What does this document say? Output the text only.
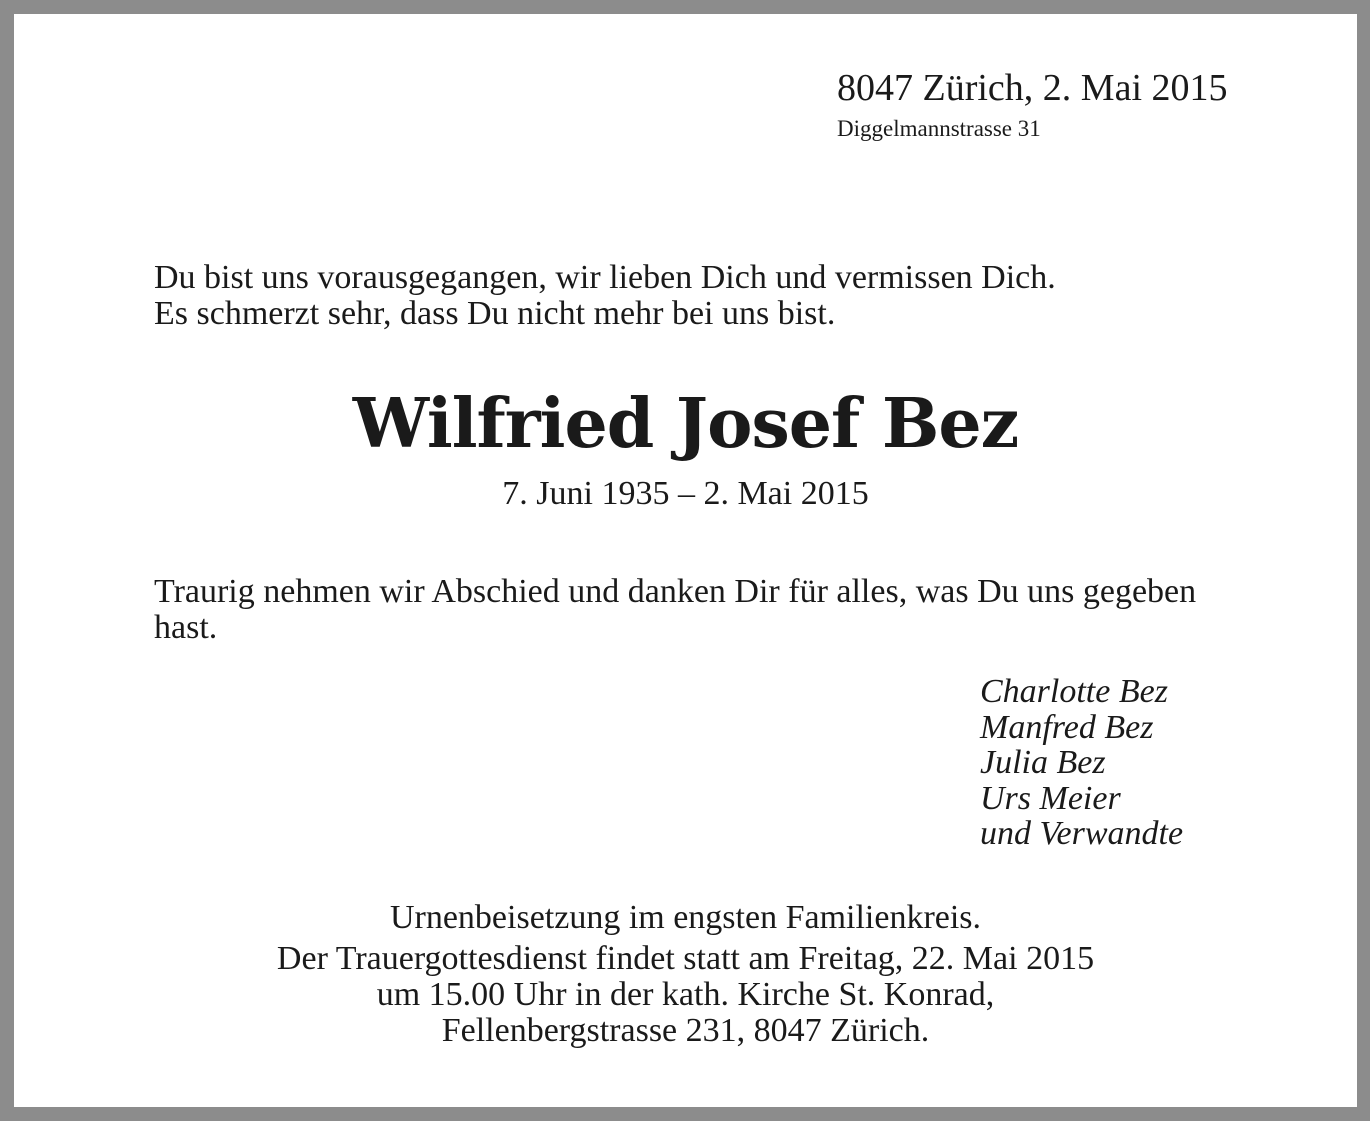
8047 Zürich, 2. Mai 2015
Diggelmannstrasse 31
Du bist uns vorausgegangen, wir lieben Dich und vermissen Dich.
Es schmerzt sehr, dass Du nicht mehr bei uns bist.
Wilfried Josef Bez
7. Juni 1935 – 2. Mai 2015
Traurig nehmen wir Abschied und danken Dir für alles, was Du uns gegeben hast.
Charlotte Bez
Manfred Bez
Julia Bez
Urs Meier
und Verwandte
Urnenbeisetzung im engsten Familienkreis.
Der Trauergottesdienst findet statt am Freitag, 22. Mai 2015
um 15.00 Uhr in der kath. Kirche St. Konrad,
Fellenbergstrasse 231, 8047 Zürich.
